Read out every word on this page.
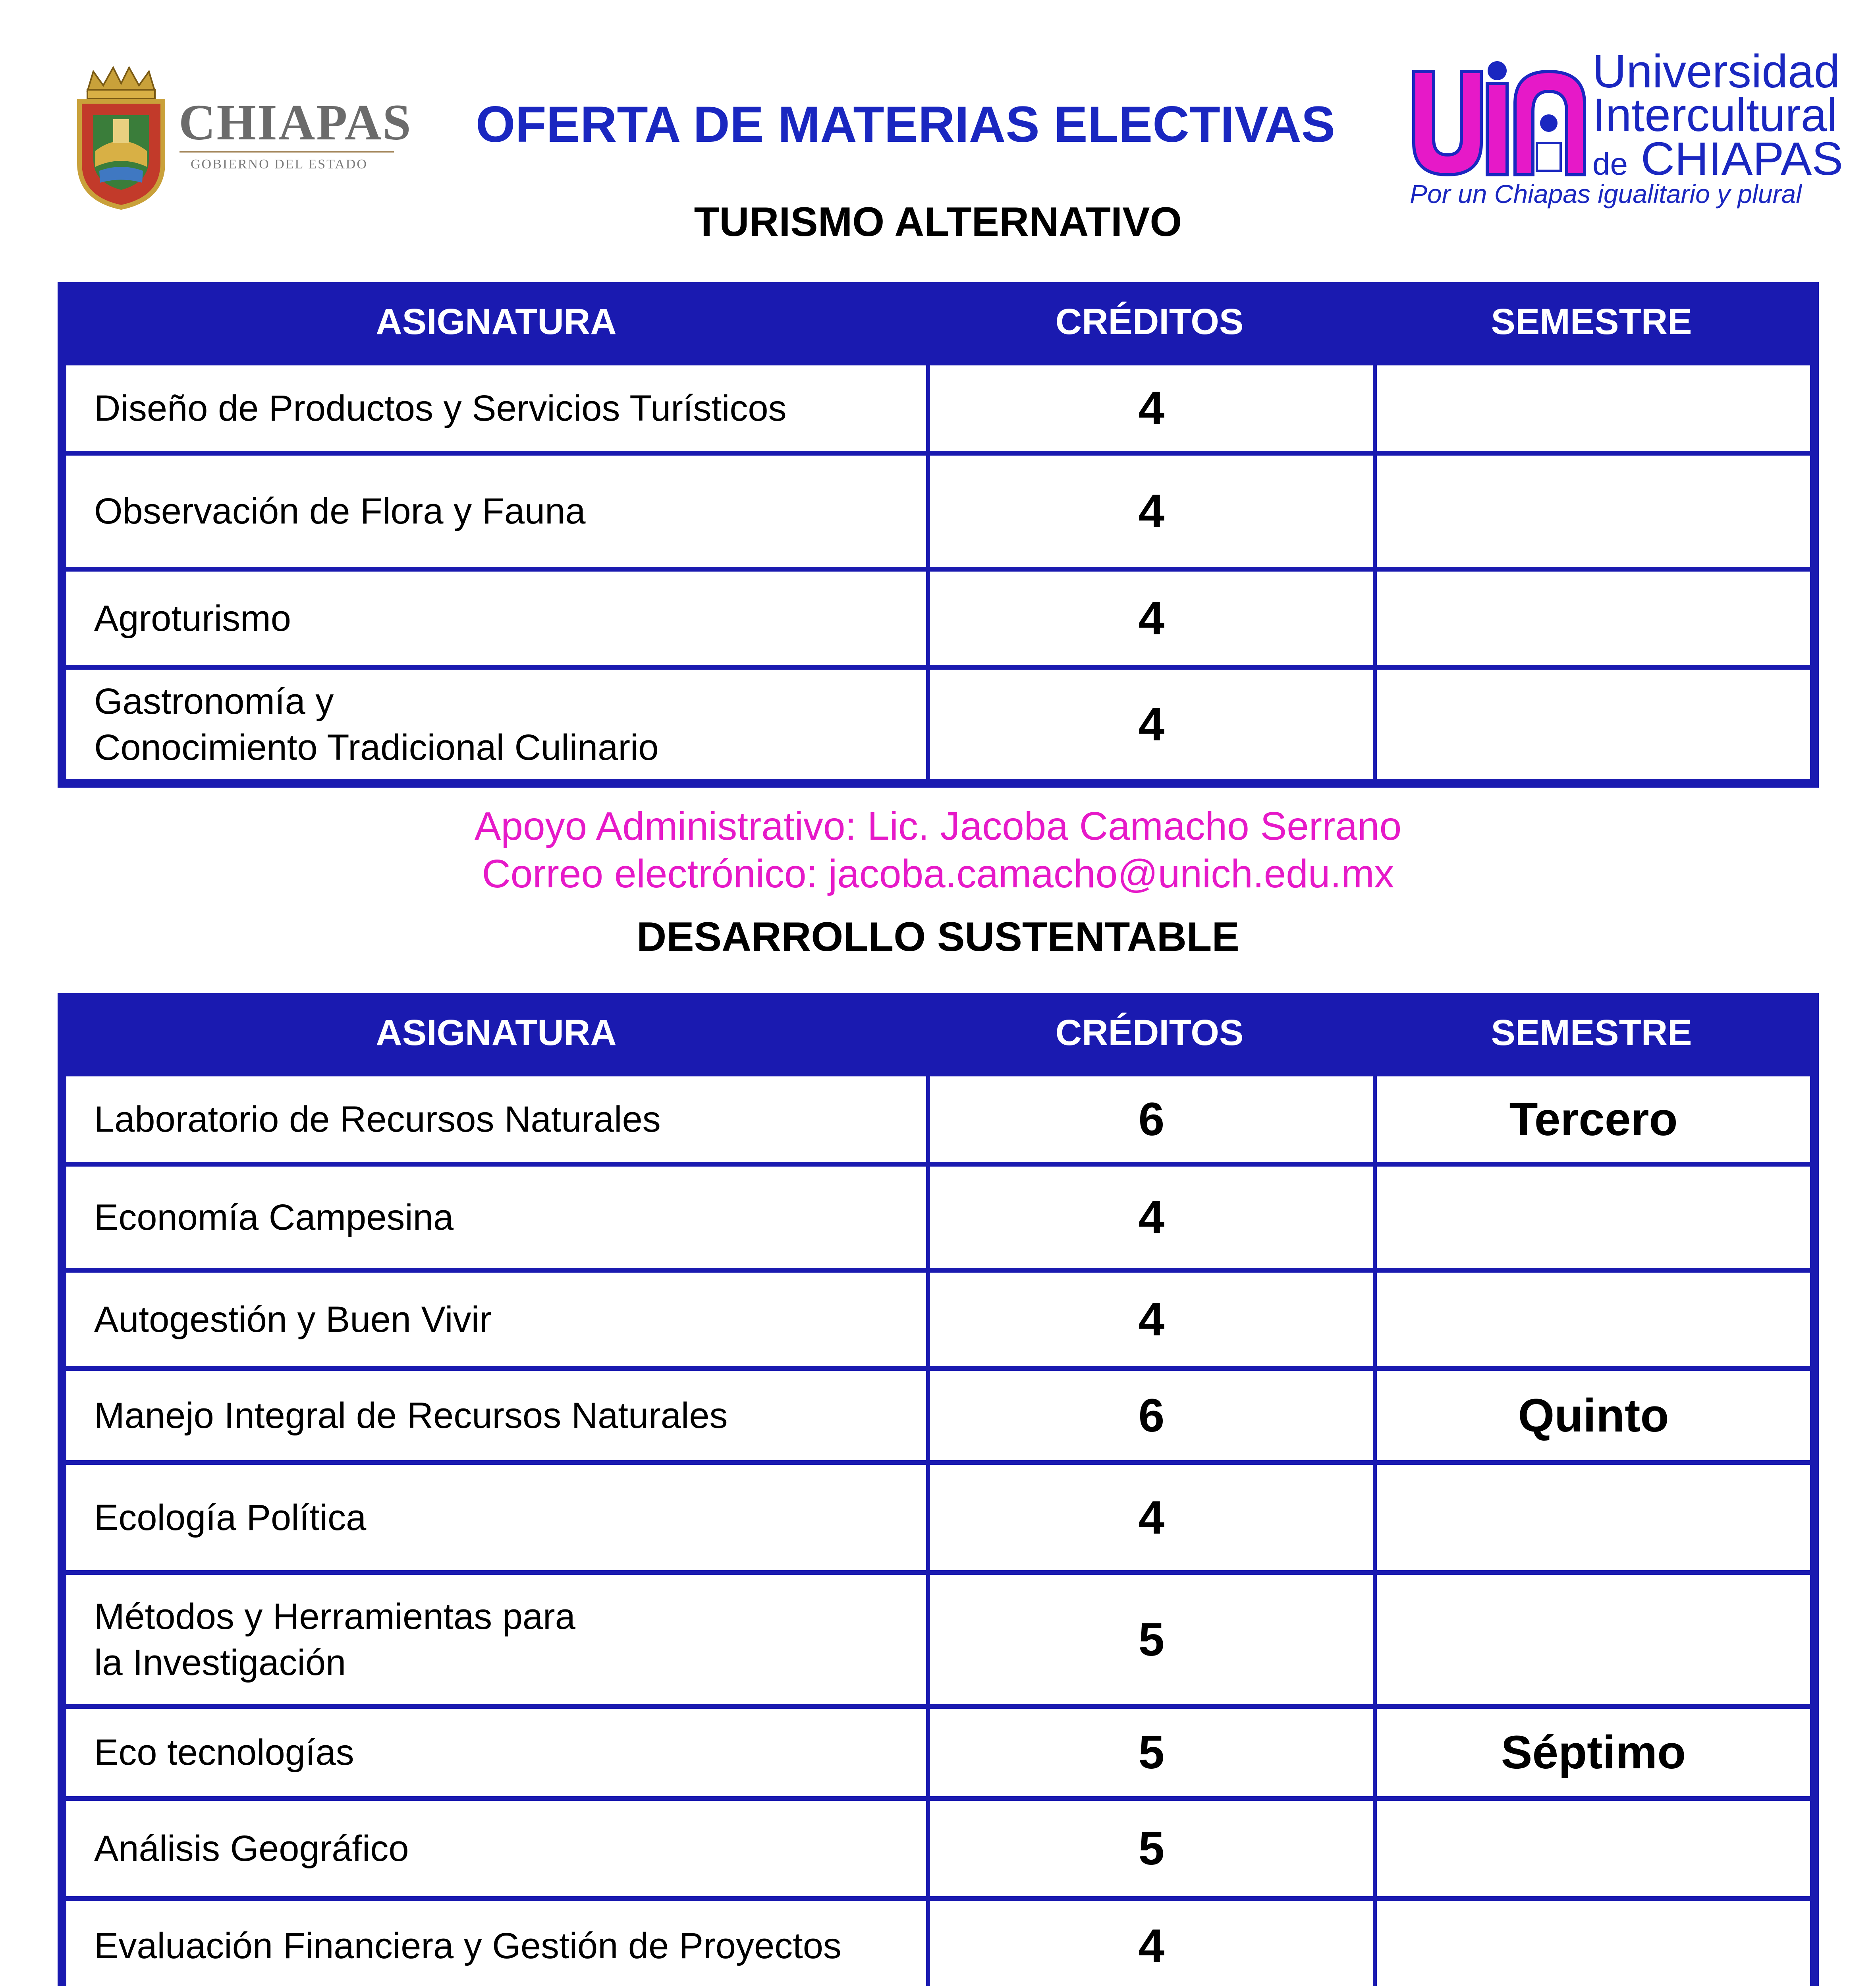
CHIAPAS
GOBIERNO DEL ESTADO
OFERTA DE MATERIAS ELECTIVAS
Universidad
Intercultural
de CHIAPAS
Por un Chiapas igualitario y plural
TURISMO ALTERNATIVO
ASIGNATURA	CRÉDITOS	SEMESTRE
Diseño de Productos y Servicios Turísticos	4
Observación de Flora y Fauna	4
Agroturismo	4
Gastronomía y
Conocimiento Tradicional Culinario	4
Apoyo Administrativo: Lic. Jacoba Camacho Serrano
Correo electrónico: jacoba.camacho@unich.edu.mx
DESARROLLO SUSTENTABLE
ASIGNATURA	CRÉDITOS	SEMESTRE
Laboratorio de Recursos Naturales	6	Tercero
Economía Campesina	4
Autogestión y Buen Vivir	4
Manejo Integral de Recursos Naturales	6	Quinto
Ecología Política	4
Métodos y Herramientas para
la Investigación	5
Eco tecnologías	5	Séptimo
Análisis Geográfico	5
Evaluación Financiera y Gestión de Proyectos	4
